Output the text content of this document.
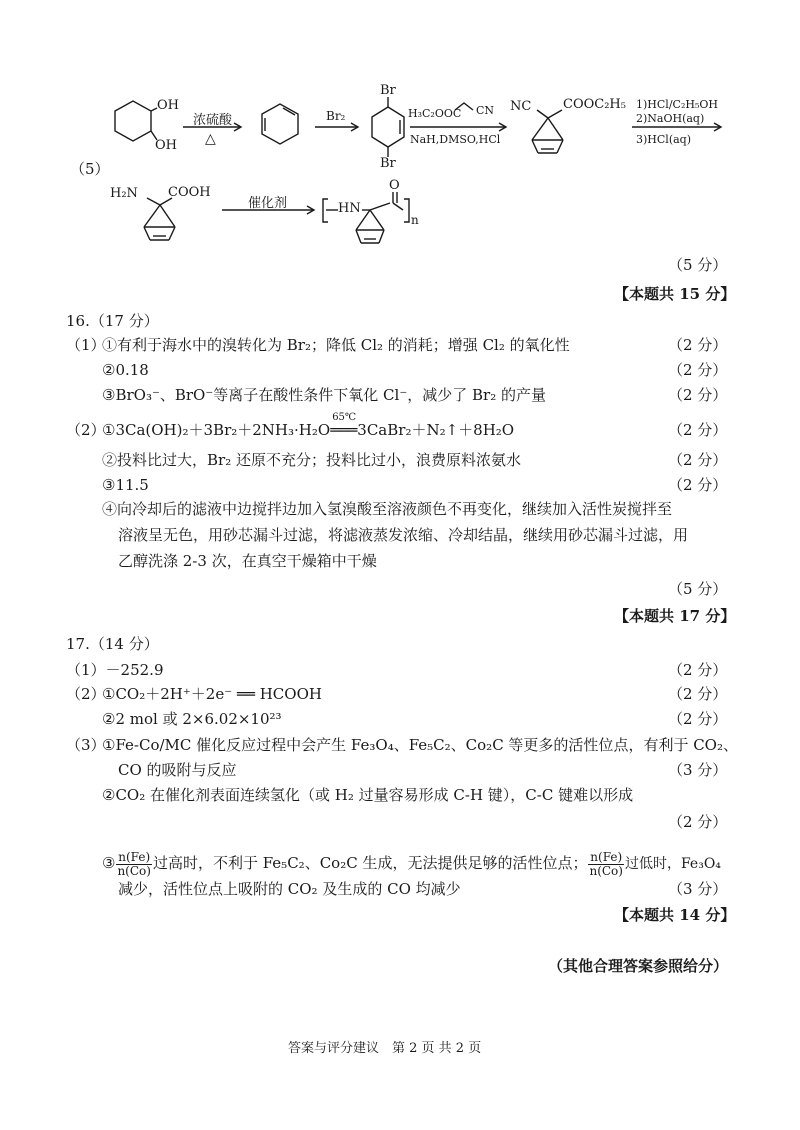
（5）
OH
OH
浓硫酸
△
Br₂
Br
Br
H₃C₂OOC CN
NaH,DMSO,HCl
NC COOC₂H₅ 1)HCl/C₂H₅OH
2)NaOH(aq)
3)HCl(aq)
H₂N COOH
催化剂	HN
O
n
（5 分）
【本题共 15 分】
16.（17 分）
（1）
①有利于海水中的溴转化为 Br₂；降低 Cl₂ 的消耗；增强 Cl₂ 的氧化性	（2 分）
②0.18	（2 分）
③BrO₃⁻、BrO⁻等离子在酸性条件下氧化 Cl⁻，减少了 Br₂ 的产量	（2 分）
（2）
①3Ca(OH)₂＋3Br₂＋2NH₃·H₂O
65℃
═══3CaBr₂＋N₂↑＋8H₂O	（2 分）
②投料比过大，Br₂ 还原不充分；投料比过小，浪费原料浓氨水	（2 分）
③11.5	（2 分）
④向冷却后的滤液中边搅拌边加入氢溴酸至溶液颜色不再变化，继续加入活性炭搅拌至
溶液呈无色，用砂芯漏斗过滤，将滤液蒸发浓缩、冷却结晶，继续用砂芯漏斗过滤，用
乙醇洗涤 2-3 次，在真空干燥箱中干燥
（5 分）
【本题共 17 分】
17.（14 分）
（1）－252.9	（2 分）
（2）
①CO₂＋2H⁺＋2e⁻ ══ HCOOH	（2 分）
②2 mol 或 2×6.02×10²³	（2 分）
（3）
①Fe-Co/MC 催化反应过程中会产生 Fe₃O₄、Fe₅C₂、Co₂C 等更多的活性位点，有利于 CO₂、
CO 的吸附与反应	（3 分）
②CO₂ 在催化剂表面连续氢化（或 H₂ 过量容易形成 C-H 键），C-C 键难以形成
（2 分）
③ $\frac{n(Fe)}{n(Co)}$ 过高时，不利于 Fe₅C₂、Co₂C 生成，无法提供足够的活性位点； $\frac{n(Fe)}{n(Co)}$ 过低时，Fe₃O₄
减少，活性位点上吸附的 CO₂ 及生成的 CO 均减少	（3 分）
【本题共 14 分】
（其他合理答案参照给分）
答案与评分建议　第 2 页 共 2 页
